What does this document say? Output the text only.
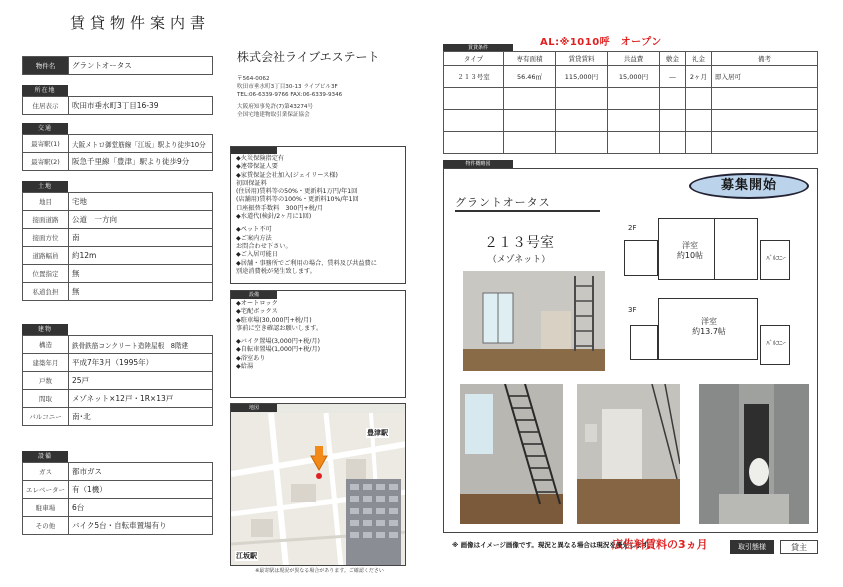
賃貸物件案内書
物件名	グラントオータス
所在地
住居表示	吹田市垂水町3丁目16-39
交通
最寄駅(1)	大阪メトロ御堂筋線「江坂」駅より徒歩10分
最寄駅(2)	阪急千里線「豊津」駅より徒歩9分
土地
地目	宅地
接面道路	公道　一方向
接面方位	南
道路幅員	約12m
位置指定	無
私道負担	無
建物
構造	鉄骨鉄筋コンクリート造陸屋根　8階建
建築年月	平成7年3月（1995年）
戸数	25戸
間取	メゾネット×12戸・1R×13戸
バルコニー	南･北
設備
ガス	都市ガス
エレベーター	有（1機）
駐車場	6台
その他	バイク5台・自転車置場有り
株式会社ライブエステート
〒564-0062
吹田市垂水町3丁目30-13 ライブビル3F
TEL:06-6339-9766 FAX:06-6339-9346
大阪府知事免許(7)第43274号
全国宅地建物取引業保証協会
◆火災保険指定有
◆連帯保証人要
◆家賃保証会社加入(ジェイリース様)
初回保証料
(住居用)賃料等の50%・更新料1万円/年1回
(店舗用)賃料等の100%・更新料10%/年1回
口座振替手数料　300円+税/月
◆水道代(検針/2ヶ月に1回)
◆ペット不可
◆ご案内方法
お問合わせ下さい。
◆ご入居可能日
◆居舗・事務所でご利用の場合、賃料及び共益費に
別途消費税が発生致します。
設備
◆オートロック
◆宅配ボックス
◆駐車場(30,000円+税/月)
事前に空き確認お願いします。
◆バイク置場(3,000円+税/月)
◆自転車置場(1,000円+税/月)
◆浴室あり
◆給湯
地図
豊津駅
江坂駅
※最寄駅は現況が異なる場合があります。ご確認ください
AL:※1010呼　オープン
賃貸条件
タイプ	専有面積	賃貸賃料	共益費	敷金	礼金	備考
２１３号室	56.46㎡	115,000円	15,000円	―	2ヶ月	即入居可

物件概略図
グラントオータス
募集開始
２１３号室
（メゾネット）
2F
洋室
約10帖	ﾊﾞﾙｺﾆｰ
3F
洋室
約13.7帖
ﾊﾞﾙｺﾆｰ
※ 画像はイメージ画像です。現況と異なる場合は現況を優先します。
広告料賃料の3ヵ月	取引態様	貸主
